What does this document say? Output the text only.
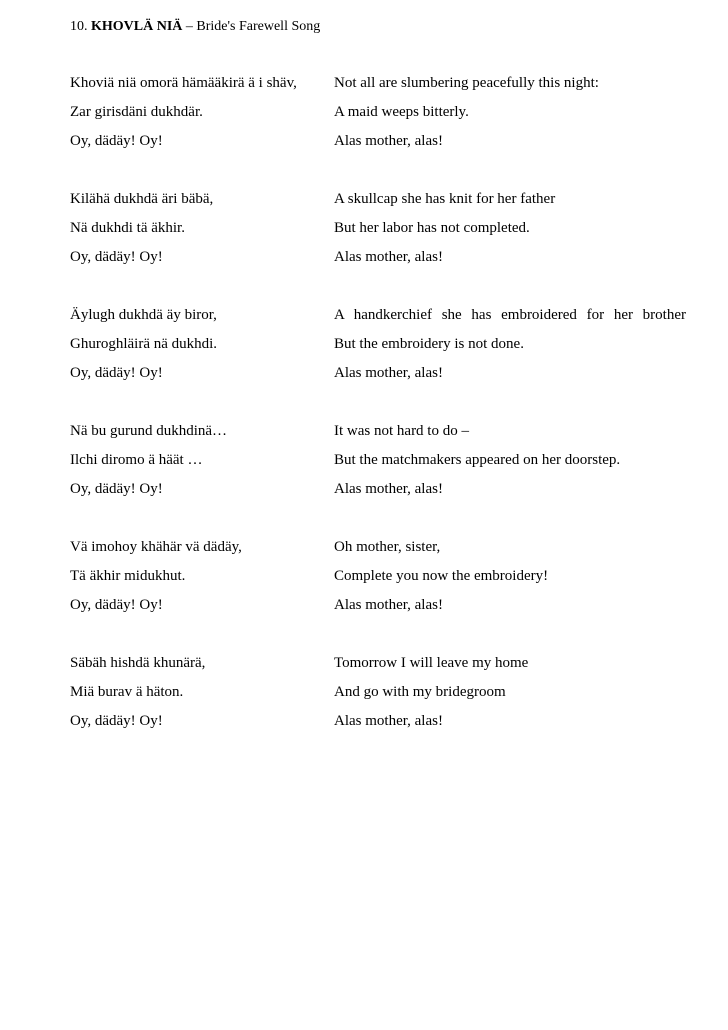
10. KHOVLÄ NIÄ – Bride's Farewell Song
Khoviä niä omorä hämääkirä ä i shäv,	Not all are slumbering peacefully this night:
Zar girisdäni dukhdär.	A maid weeps bitterly.
Oy, dädäy! Oy!	Alas mother, alas!
Kilähä dukhdä äri bäbä,	A skullcap she has knit for her father
Nä dukhdi tä äkhir.	But her labor has not completed.
Oy, dädäy! Oy!	Alas mother, alas!
Äylugh dukhdä äy biror,	A handkerchief she has embroidered for her brother
Ghuroghläirä nä dukhdi.	But the embroidery is not done.
Oy, dädäy! Oy!	Alas mother, alas!
Nä bu gurund dukhdinä…	It was not hard to do –
Ilchi diromo ä häät …	But the matchmakers appeared on her doorstep.
Oy, dädäy! Oy!	Alas mother, alas!
Vä imohoy khähär vä dädäy,	Oh mother, sister,
Tä äkhir midukhut.	Complete you now the embroidery!
Oy, dädäy! Oy!	Alas mother, alas!
Säbäh hishdä khunärä,	Tomorrow I will leave my home
Miä burav ä häton.	And go with my bridegroom
Oy, dädäy! Oy!	Alas mother, alas!
